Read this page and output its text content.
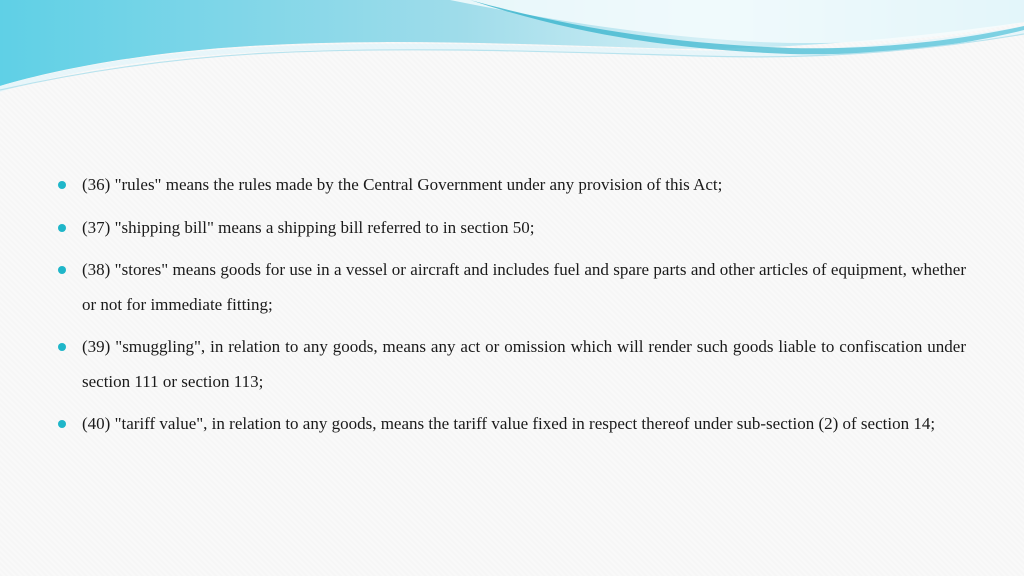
(36) "rules" means the rules made by the Central Government under any provision of this Act;
(37) "shipping bill" means a shipping bill referred to in section 50;
(38) "stores" means goods for use in a vessel or aircraft and includes fuel and spare parts and other articles of equipment, whether or not for immediate fitting;
(39) "smuggling", in relation to any goods, means any act or omission which will render such goods liable to confiscation under section 111 or section 113;
(40) "tariff value", in relation to any goods, means the tariff value fixed in respect thereof under sub-section (2) of section 14;
